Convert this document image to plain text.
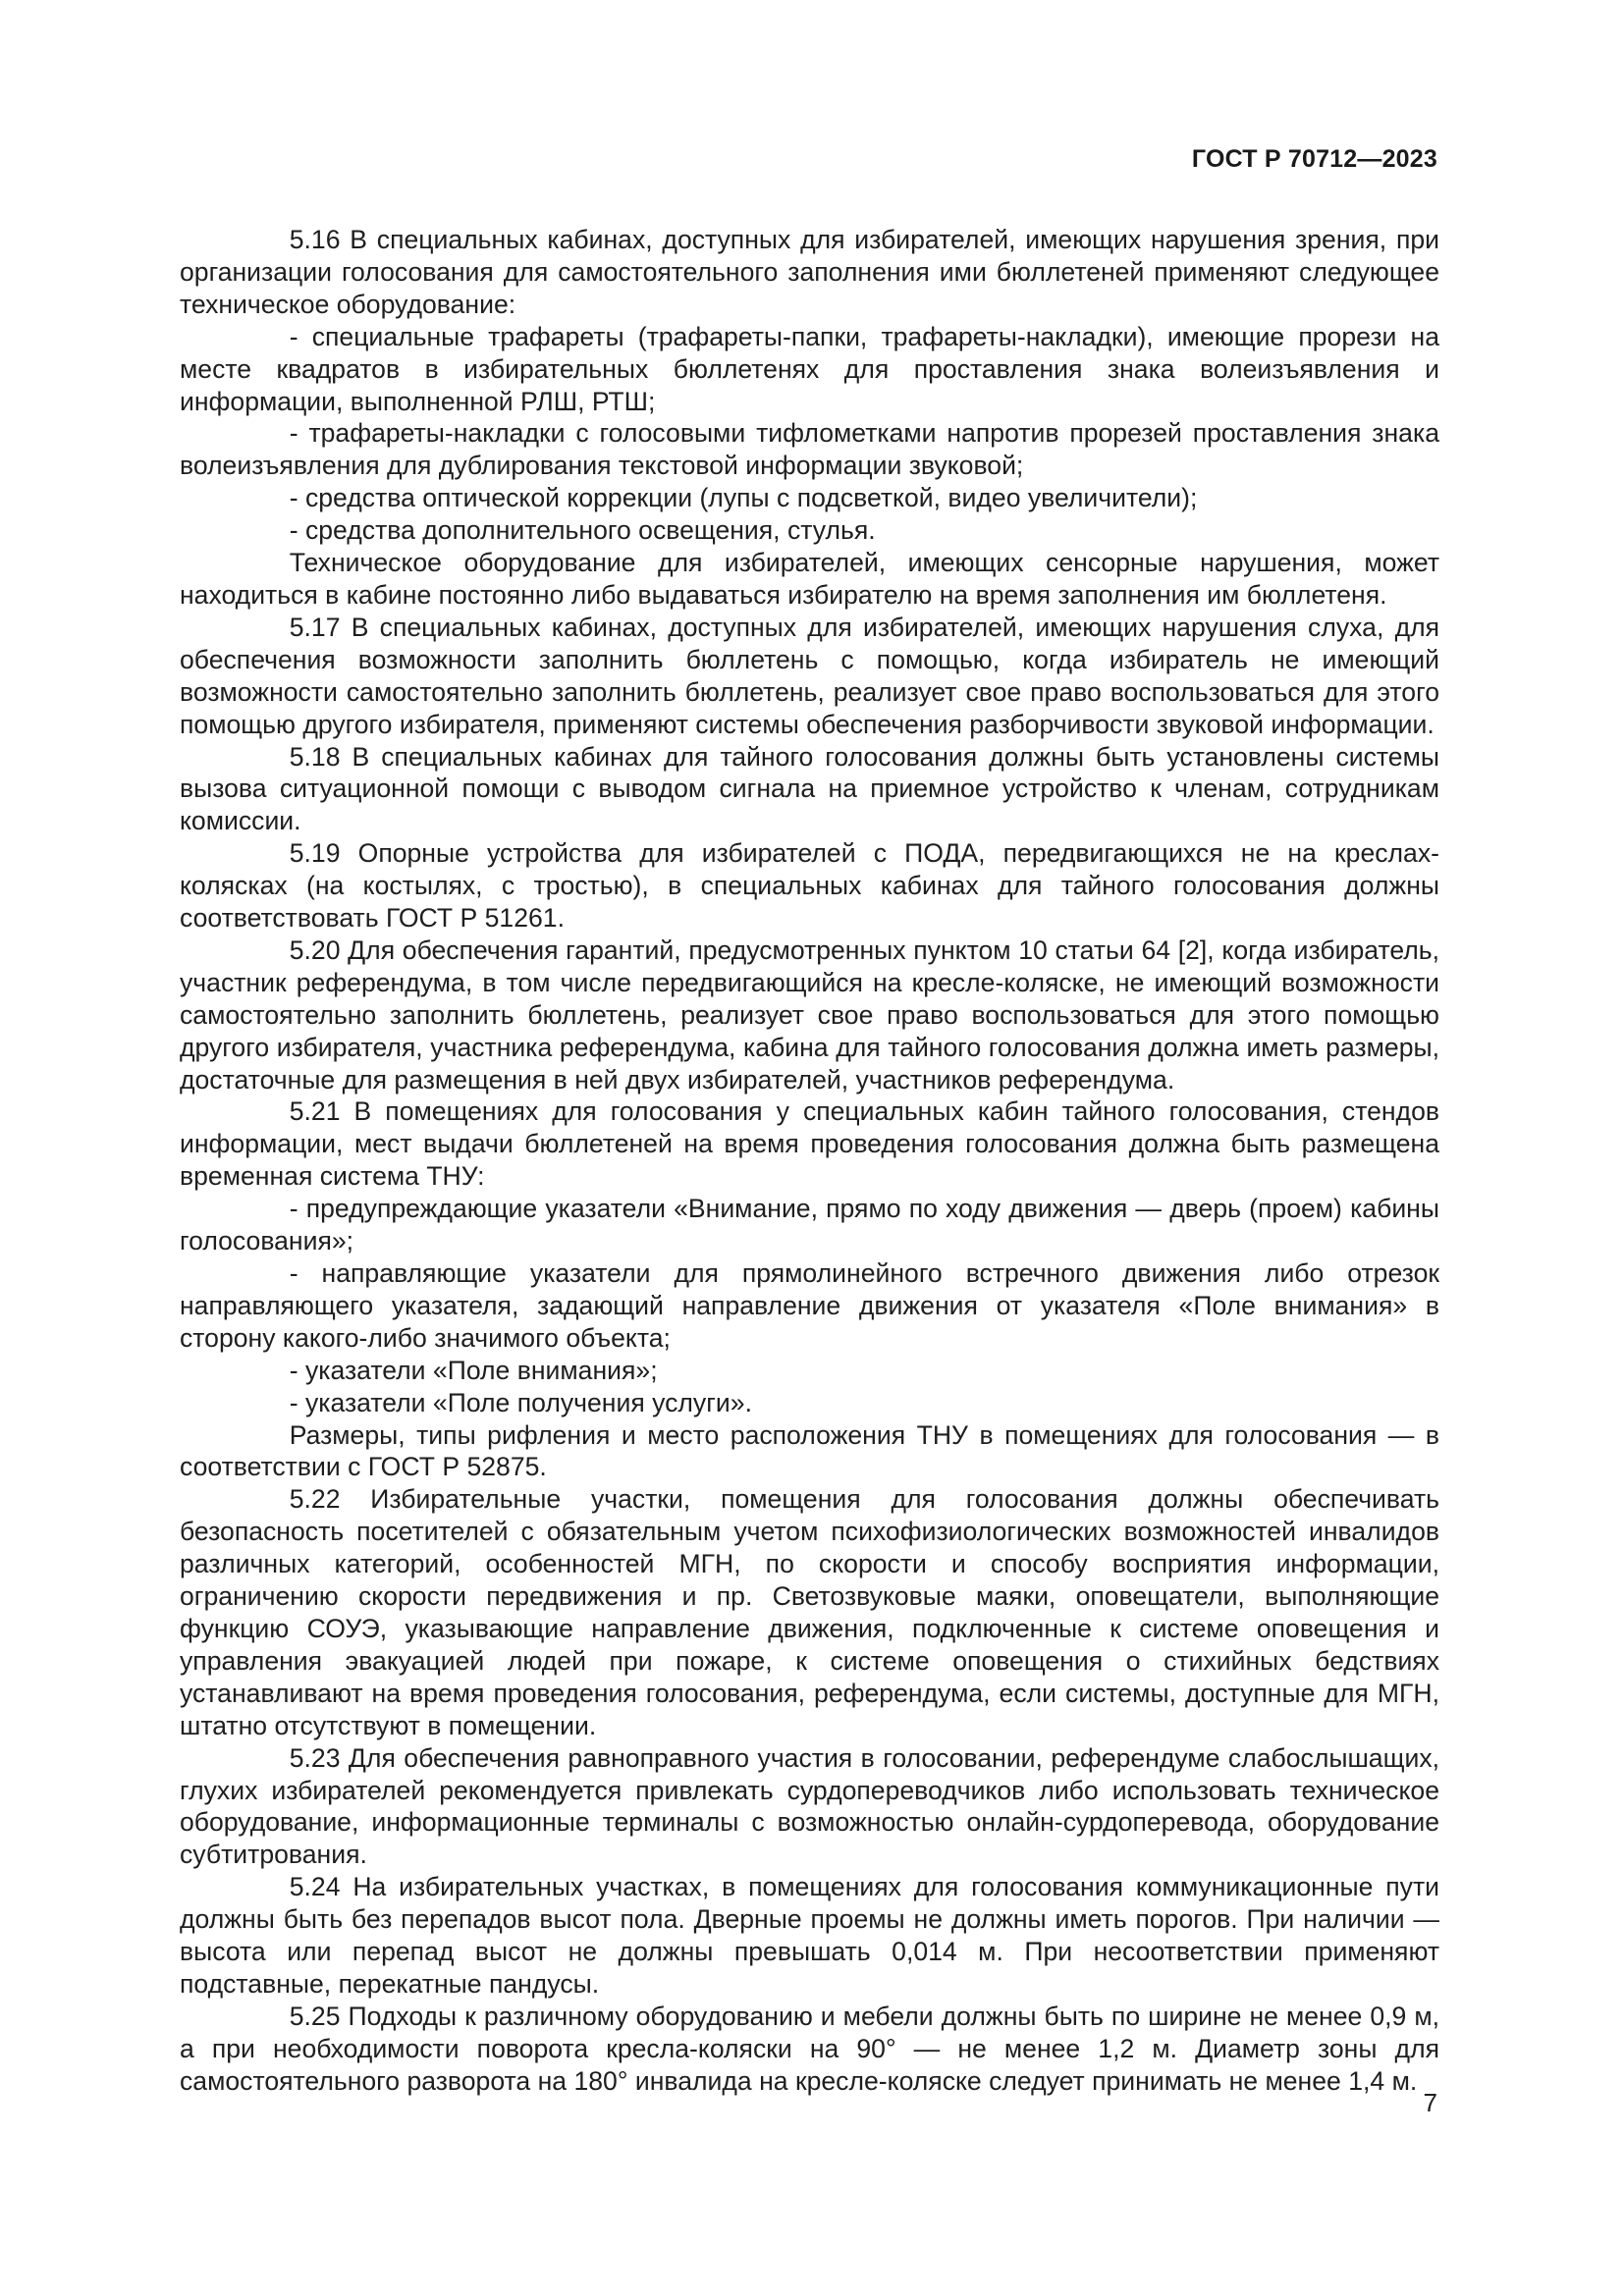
ГОСТ Р 70712—2023

5.16 В специальных кабинах, доступных для избирателей, имеющих нарушения зрения, при организации голосования для самостоятельного заполнения ими бюллетеней применяют следующее техническое оборудование:

- специальные трафареты (трафареты-папки, трафареты-накладки), имеющие прорези на месте квадратов в избирательных бюллетенях для проставления знака волеизъявления и информации, выполненной РЛШ, РТШ;

- трафареты-накладки с голосовыми тифлометками напротив прорезей проставления знака волеизъявления для дублирования текстовой информации звуковой;

- средства оптической коррекции (лупы с подсветкой, видео увеличители);

- средства дополнительного освещения, стулья.

Техническое оборудование для избирателей, имеющих сенсорные нарушения, может находиться в кабине постоянно либо выдаваться избирателю на время заполнения им бюллетеня.

5.17 В специальных кабинах, доступных для избирателей, имеющих нарушения слуха, для обеспечения возможности заполнить бюллетень с помощью, когда избиратель не имеющий возможности самостоятельно заполнить бюллетень, реализует свое право воспользоваться для этого помощью другого избирателя, применяют системы обеспечения разборчивости звуковой информации.

5.18 В специальных кабинах для тайного голосования должны быть установлены системы вызова ситуационной помощи с выводом сигнала на приемное устройство к членам, сотрудникам комиссии.

5.19 Опорные устройства для избирателей с ПОДА, передвигающихся не на креслах-колясках (на костылях, с тростью), в специальных кабинах для тайного голосования должны соответствовать ГОСТ Р 51261.

5.20 Для обеспечения гарантий, предусмотренных пунктом 10 статьи 64 [2], когда избиратель, участник референдума, в том числе передвигающийся на кресле-коляске, не имеющий возможности самостоятельно заполнить бюллетень, реализует свое право воспользоваться для этого помощью другого избирателя, участника референдума, кабина для тайного голосования должна иметь размеры, достаточные для размещения в ней двух избирателей, участников референдума.

5.21 В помещениях для голосования у специальных кабин тайного голосования, стендов информации, мест выдачи бюллетеней на время проведения голосования должна быть размещена временная система ТНУ:

- предупреждающие указатели «Внимание, прямо по ходу движения — дверь (проем) кабины голосования»;

- направляющие указатели для прямолинейного встречного движения либо отрезок направляющего указателя, задающий направление движения от указателя «Поле внимания» в сторону какого-либо значимого объекта;

- указатели «Поле внимания»;

- указатели «Поле получения услуги».

Размеры, типы рифления и место расположения ТНУ в помещениях для голосования — в соответствии с ГОСТ Р 52875.

5.22 Избирательные участки, помещения для голосования должны обеспечивать безопасность посетителей с обязательным учетом психофизиологических возможностей инвалидов различных категорий, особенностей МГН, по скорости и способу восприятия информации, ограничению скорости передвижения и пр. Светозвуковые маяки, оповещатели, выполняющие функцию СОУЭ, указывающие направление движения, подключенные к системе оповещения и управления эвакуацией людей при пожаре, к системе оповещения о стихийных бедствиях устанавливают на время проведения голосования, референдума, если системы, доступные для МГН, штатно отсутствуют в помещении.

5.23 Для обеспечения равноправного участия в голосовании, референдуме слабослышащих, глухих избирателей рекомендуется привлекать сурдопереводчиков либо использовать техническое оборудование, информационные терминалы с возможностью онлайн-сурдоперевода, оборудование субтитрования.

5.24 На избирательных участках, в помещениях для голосования коммуникационные пути должны быть без перепадов высот пола. Дверные проемы не должны иметь порогов. При наличии — высота или перепад высот не должны превышать 0,014 м. При несоответствии применяют подставные, перекатные пандусы.

5.25 Подходы к различному оборудованию и мебели должны быть по ширине не менее 0,9 м, а при необходимости поворота кресла-коляски на 90° — не менее 1,2 м. Диаметр зоны для самостоятельного разворота на 180° инвалида на кресле-коляске следует принимать не менее 1,4 м.

7
